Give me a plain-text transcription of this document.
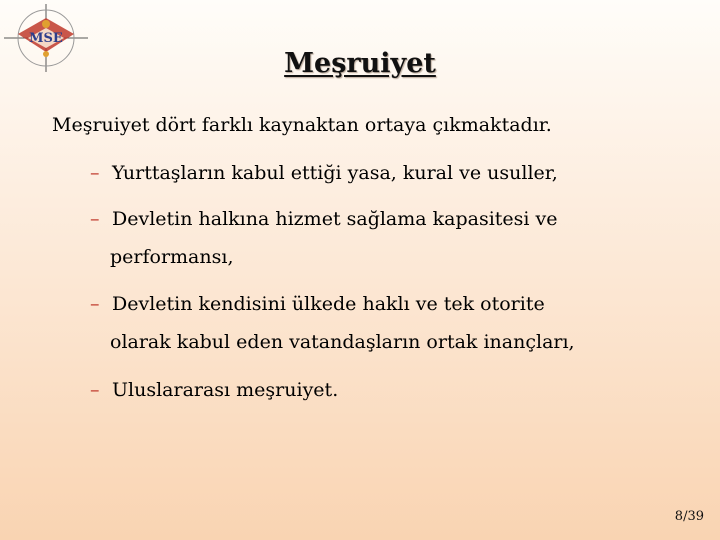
MSE
Meşruiyet
Meşruiyet dört farklı kaynaktan ortaya çıkmaktadır.
– Yurttaşların kabul ettiği yasa, kural ve usuller,
– Devletin halkına hizmet sağlama kapasitesi ve
performansı,
– Devletin kendisini ülkede haklı ve tek otorite
olarak kabul eden vatandaşların ortak inançları,
– Uluslararası meşruiyet.
8/39
